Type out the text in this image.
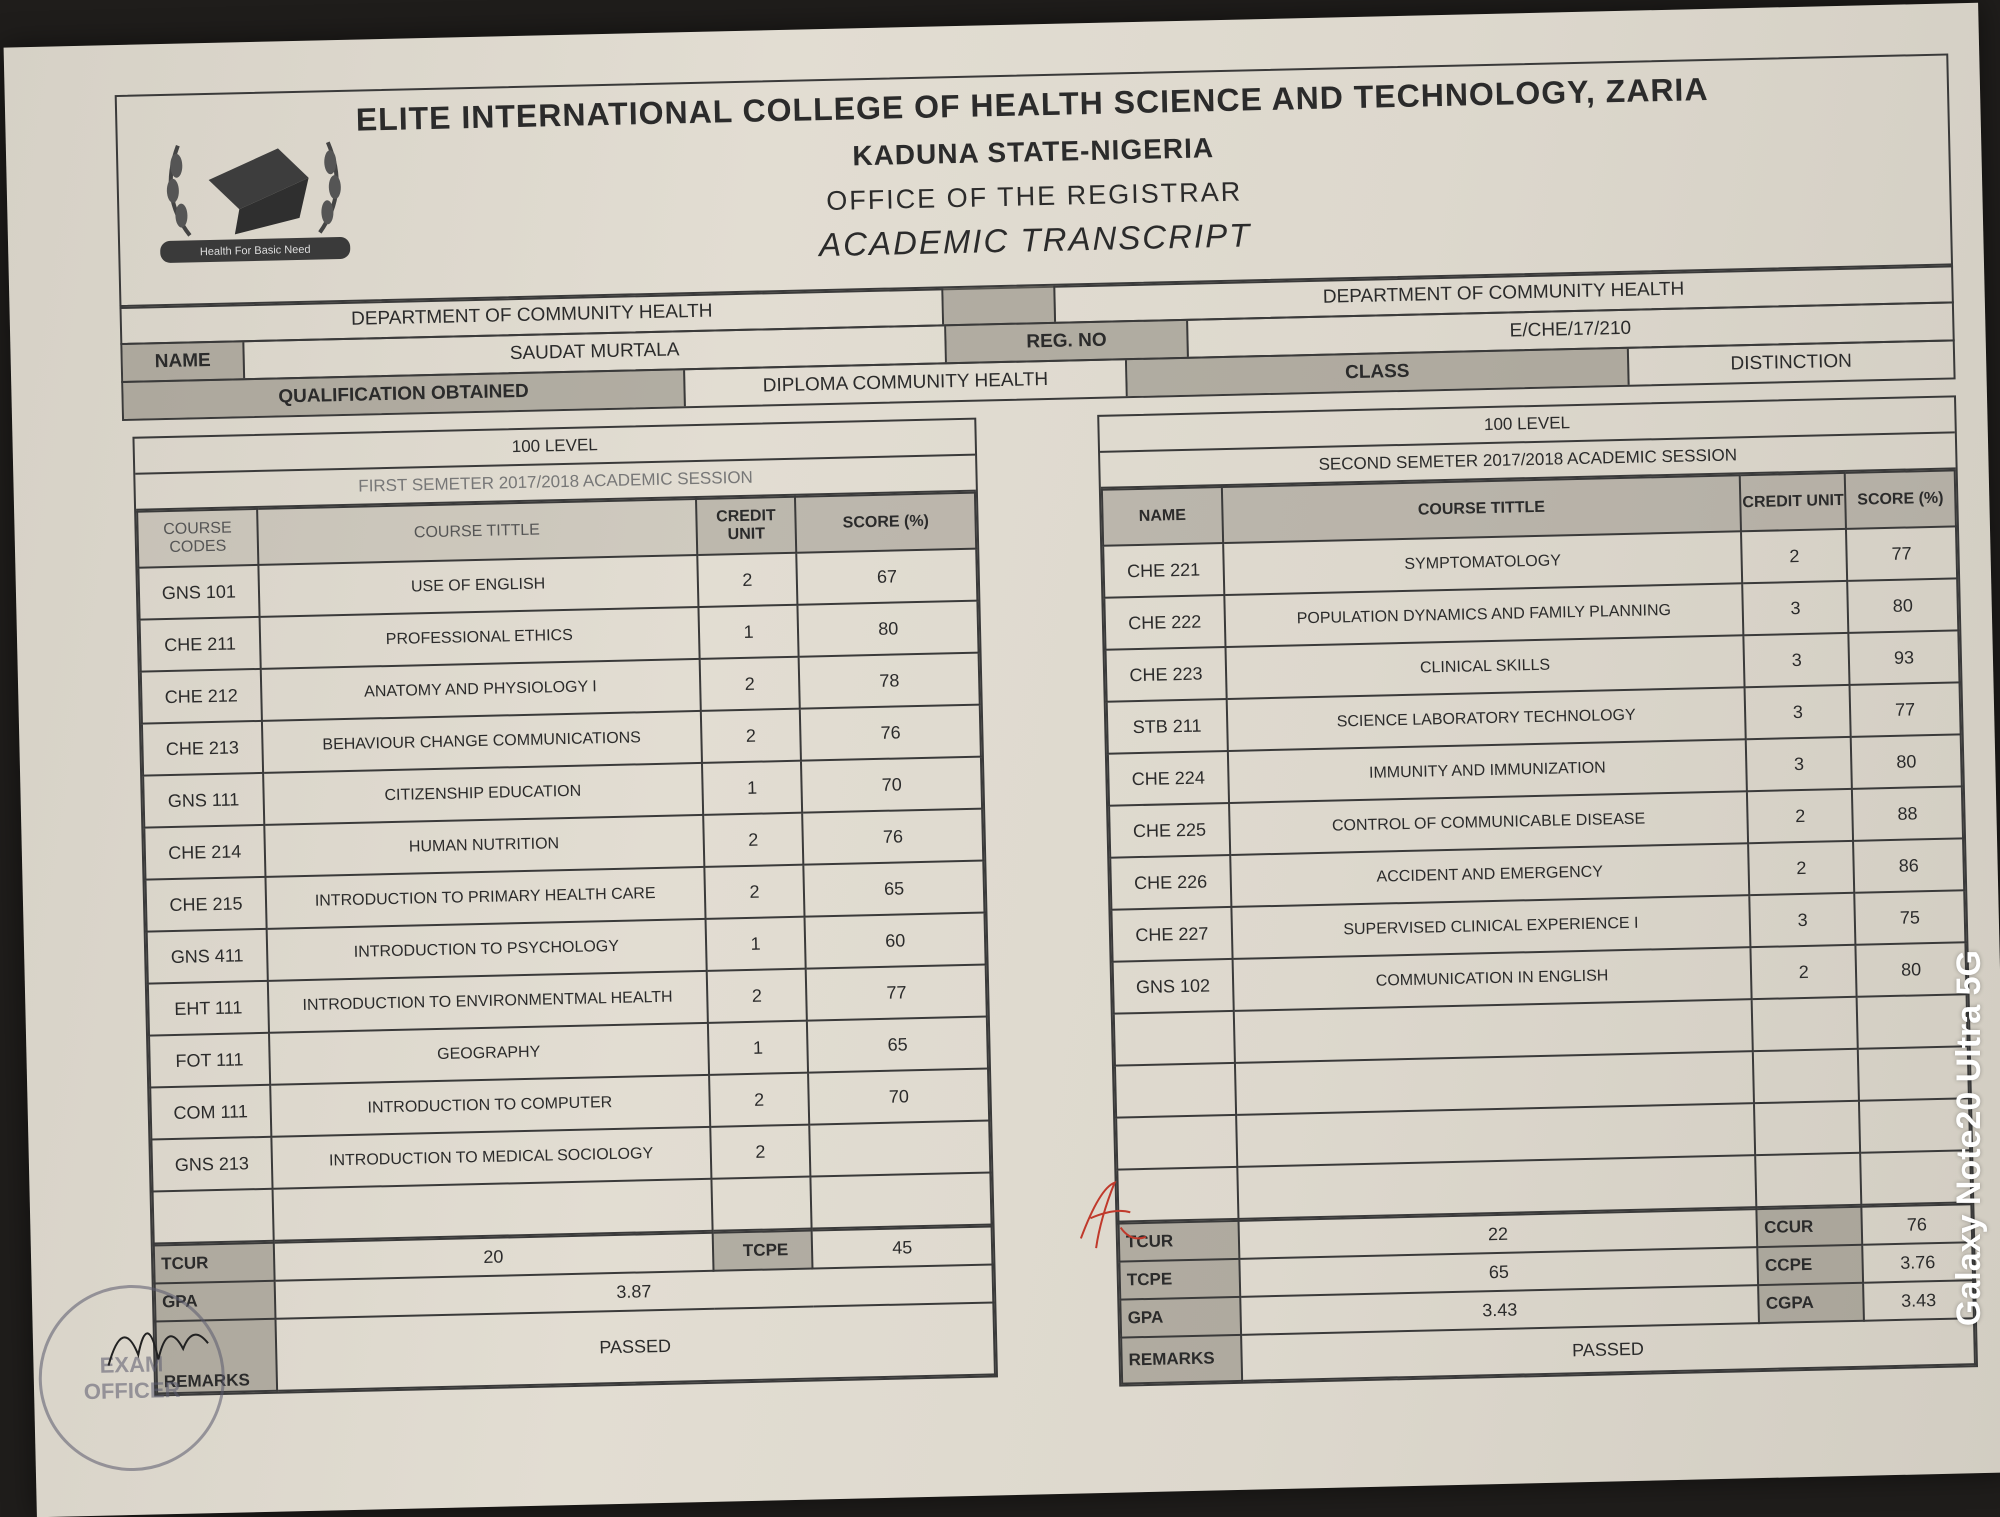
Health For Basic Need
ELITE INTERNATIONAL COLLEGE OF HEALTH SCIENCE AND TECHNOLOGY, ZARIA
KADUNA STATE-NIGERIA
OFFICE OF THE REGISTRAR
ACADEMIC TRANSCRIPT
DEPARTMENT OF COMMUNITY HEALTH
DEPARTMENT OF COMMUNITY HEALTH
NAME	SAUDAT MURTALA	REG. NO	E/CHE/17/210
QUALIFICATION OBTAINED	DIPLOMA COMMUNITY HEALTH	CLASS	DISTINCTION
100 LEVEL
FIRST SEMETER 2017/2018 ACADEMIC SESSION
COURSE CODES	COURSE TITTLE	CREDIT UNIT	SCORE (%)
GNS 101	USE OF ENGLISH	2	67
CHE 211	PROFESSIONAL ETHICS	1	80
CHE 212	ANATOMY AND PHYSIOLOGY I	2	78
CHE 213	BEHAVIOUR CHANGE COMMUNICATIONS	2	76
GNS 111	CITIZENSHIP EDUCATION	1	70
CHE 214	HUMAN NUTRITION	2	76
CHE 215	INTRODUCTION TO PRIMARY HEALTH CARE	2	65
GNS 411	INTRODUCTION TO PSYCHOLOGY	1	60
EHT 111	INTRODUCTION TO ENVIRONMENTMAL HEALTH	2	77
FOT 111	GEOGRAPHY	1	65
COM 111	INTRODUCTION TO COMPUTER	2	70
GNS 213	INTRODUCTION TO MEDICAL SOCIOLOGY	2	

TCUR	20	TCPE	45
GPA	3.87		
REMARKS	PASSED		
100 LEVEL
SECOND SEMETER 2017/2018 ACADEMIC SESSION
NAME	COURSE TITTLE	CREDIT UNIT	SCORE (%)
CHE 221	SYMPTOMATOLOGY	2	77
CHE 222	POPULATION DYNAMICS AND FAMILY PLANNING	3	80
CHE 223	CLINICAL SKILLS	3	93
STB 211	SCIENCE LABORATORY TECHNOLOGY	3	77
CHE 224	IMMUNITY AND IMMUNIZATION	3	80
CHE 225	CONTROL OF COMMUNICABLE DISEASE	2	88
CHE 226	ACCIDENT AND EMERGENCY	2	86
CHE 227	SUPERVISED CLINICAL EXPERIENCE I	3	75
GNS 102	COMMUNICATION IN ENGLISH	2	80

TCUR	22	CCUR	76
TCPE	65	CCPE	3.76
GPA	3.43	CGPA	3.43
REMARKS	PASSED		
EXAM
OFFICER
Galaxy Note20 Ultra 5G
